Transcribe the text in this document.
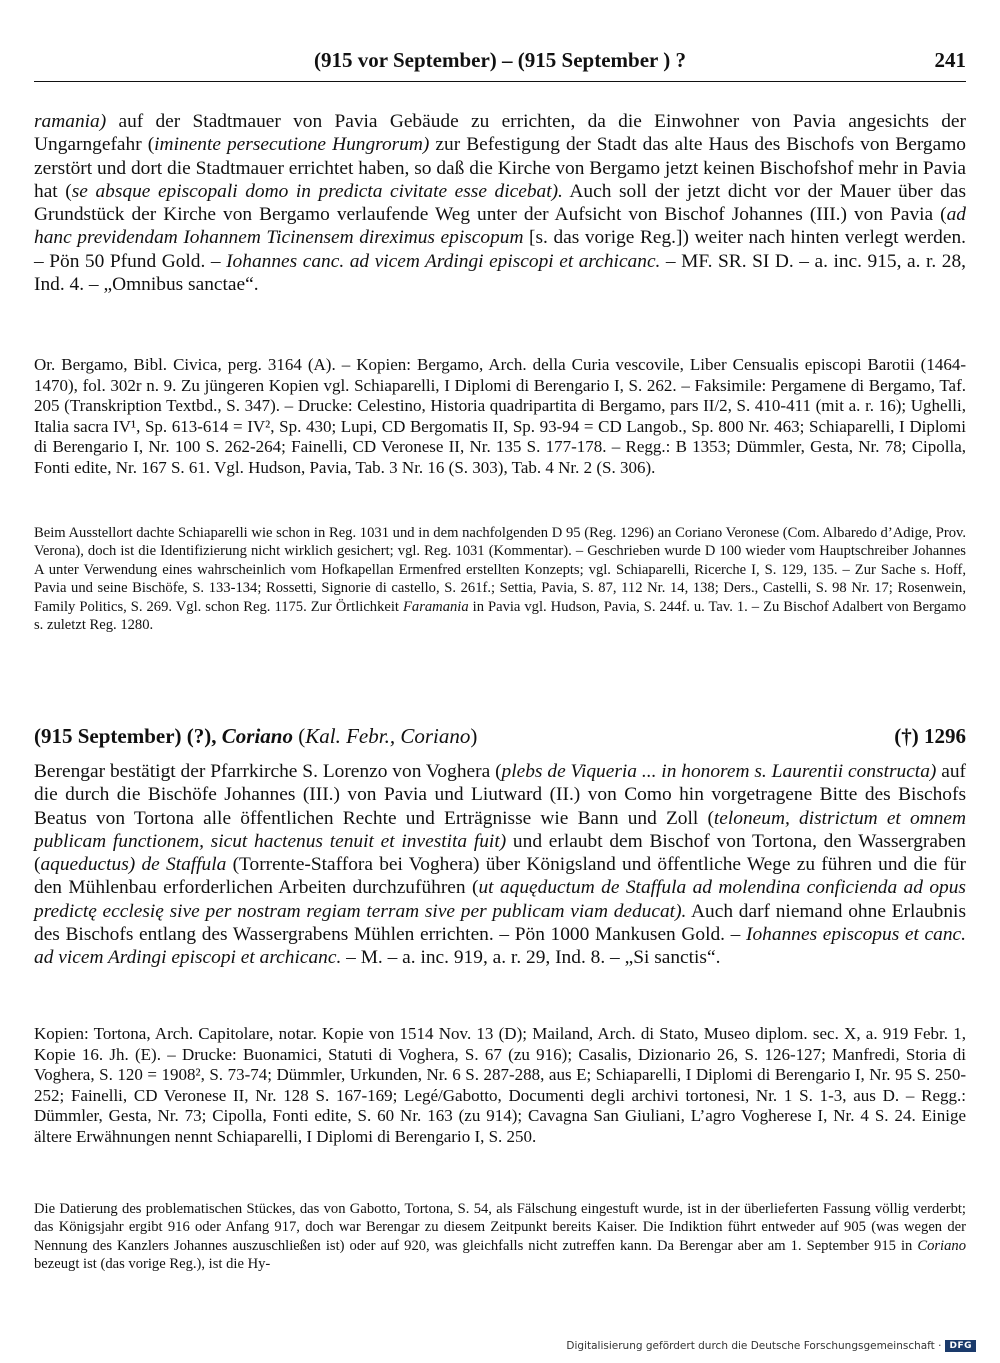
(915 vor September) – (915 September ) ?	241

ramania) auf der Stadtmauer von Pavia Gebäude zu errichten, da die Einwohner von Pavia angesichts der Ungarngefahr (iminente persecutione Hungrorum) zur Befestigung der Stadt das alte Haus des Bischofs von Bergamo zerstört und dort die Stadtmauer errichtet haben, so daß die Kirche von Bergamo jetzt keinen Bischofshof mehr in Pavia hat (se absque episcopali domo in predicta civitate esse dicebat). Auch soll der jetzt dicht vor der Mauer über das Grundstück der Kirche von Bergamo verlaufende Weg unter der Aufsicht von Bischof Johannes (III.) von Pavia (ad hanc previdendam Iohannem Ticinensem direximus episcopum [s. das vorige Reg.]) weiter nach hinten verlegt werden. – Pön 50 Pfund Gold. – Iohannes canc. ad vicem Ardingi episcopi et archicanc. – MF. SR. SI D. – a. inc. 915, a. r. 28, Ind. 4. – „Omnibus sanctae“.

Or. Bergamo, Bibl. Civica, perg. 3164 (A). – Kopien: Bergamo, Arch. della Curia vescovile, Liber Censualis episcopi Barotii (1464-1470), fol. 302r n. 9. Zu jüngeren Kopien vgl. Schiaparelli, I Diplomi di Berengario I, S. 262. – Faksimile: Pergamene di Bergamo, Taf. 205 (Transkription Textbd., S. 347). – Drucke: Celestino, Historia quadripartita di Bergamo, pars II/2, S. 410-411 (mit a. r. 16); Ughelli, Italia sacra IV¹, Sp. 613-614 = IV², Sp. 430; Lupi, CD Bergomatis II, Sp. 93-94 = CD Langob., Sp. 800 Nr. 463; Schiaparelli, I Diplomi di Berengario I, Nr. 100 S. 262-264; Fainelli, CD Veronese II, Nr. 135 S. 177-178. – Regg.: B 1353; Dümmler, Gesta, Nr. 78; Cipolla, Fonti edite, Nr. 167 S. 61. Vgl. Hudson, Pavia, Tab. 3 Nr. 16 (S. 303), Tab. 4 Nr. 2 (S. 306).

Beim Ausstellort dachte Schiaparelli wie schon in Reg. 1031 und in dem nachfolgenden D 95 (Reg. 1296) an Coriano Veronese (Com. Albaredo d’Adige, Prov. Verona), doch ist die Identifizierung nicht wirklich gesichert; vgl. Reg. 1031 (Kommentar). – Geschrieben wurde D 100 wieder vom Hauptschreiber Johannes A unter Verwendung eines wahrscheinlich vom Hofkapellan Ermenfred erstellten Konzepts; vgl. Schiaparelli, Ricerche I, S. 129, 135. – Zur Sache s. Hoff, Pavia und seine Bischöfe, S. 133-134; Rossetti, Signorie di castello, S. 261f.; Settia, Pavia, S. 87, 112 Nr. 14, 138; Ders., Castelli, S. 98 Nr. 17; Rosenwein, Family Politics, S. 269. Vgl. schon Reg. 1175. Zur Örtlichkeit Faramania in Pavia vgl. Hudson, Pavia, S. 244f. u. Tav. 1. – Zu Bischof Adalbert von Bergamo s. zuletzt Reg. 1280.

(915 September) (?), Coriano (Kal. Febr., Coriano)	(†) 1296

Berengar bestätigt der Pfarrkirche S. Lorenzo von Voghera (plebs de Viqueria ... in honorem s. Laurentii constructa) auf die durch die Bischöfe Johannes (III.) von Pavia und Liutward (II.) von Como hin vorgetragene Bitte des Bischofs Beatus von Tortona alle öffentlichen Rechte und Erträgnisse wie Bann und Zoll (teloneum, districtum et omnem publicam functionem, sicut hactenus tenuit et investita fuit) und erlaubt dem Bischof von Tortona, den Wassergraben (aqueductus) de Staffula (Torrente-Staffora bei Voghera) über Königsland und öffentliche Wege zu führen und die für den Mühlenbau erforderlichen Arbeiten durchzuführen (ut aquęductum de Staffula ad molendina conficienda ad opus predictę ecclesię sive per nostram regiam terram sive per publicam viam deducat). Auch darf niemand ohne Erlaubnis des Bischofs entlang des Wassergrabens Mühlen errichten. – Pön 1000 Mankusen Gold. – Iohannes episcopus et canc. ad vicem Ardingi episcopi et archicanc. – M. – a. inc. 919, a. r. 29, Ind. 8. – „Si sanctis“.

Kopien: Tortona, Arch. Capitolare, notar. Kopie von 1514 Nov. 13 (D); Mailand, Arch. di Stato, Museo diplom. sec. X, a. 919 Febr. 1, Kopie 16. Jh. (E). – Drucke: Buonamici, Statuti di Voghera, S. 67 (zu 916); Casalis, Dizionario 26, S. 126-127; Manfredi, Storia di Voghera, S. 120 = 1908², S. 73-74; Dümmler, Urkunden, Nr. 6 S. 287-288, aus E; Schiaparelli, I Diplomi di Berengario I, Nr. 95 S. 250-252; Fainelli, CD Veronese II, Nr. 128 S. 167-169; Legé/Gabotto, Documenti degli archivi tortonesi, Nr. 1 S. 1-3, aus D. – Regg.: Dümmler, Gesta, Nr. 73; Cipolla, Fonti edite, S. 60 Nr. 163 (zu 914); Cavagna San Giuliani, L’agro Vogherese I, Nr. 4 S. 24. Einige ältere Erwähnungen nennt Schiaparelli, I Diplomi di Berengario I, S. 250.

Die Datierung des problematischen Stückes, das von Gabotto, Tortona, S. 54, als Fälschung eingestuft wurde, ist in der überlieferten Fassung völlig verderbt; das Königsjahr ergibt 916 oder Anfang 917, doch war Berengar zu diesem Zeitpunkt bereits Kaiser. Die Indiktion führt entweder auf 905 (was wegen der Nennung des Kanzlers Johannes auszuschließen ist) oder auf 920, was gleichfalls nicht zutreffen kann. Da Berengar aber am 1. September 915 in Coriano bezeugt ist (das vorige Reg.), ist die Hy-

Digitalisierung gefördert durch die Deutsche Forschungsgemeinschaft · DFG
